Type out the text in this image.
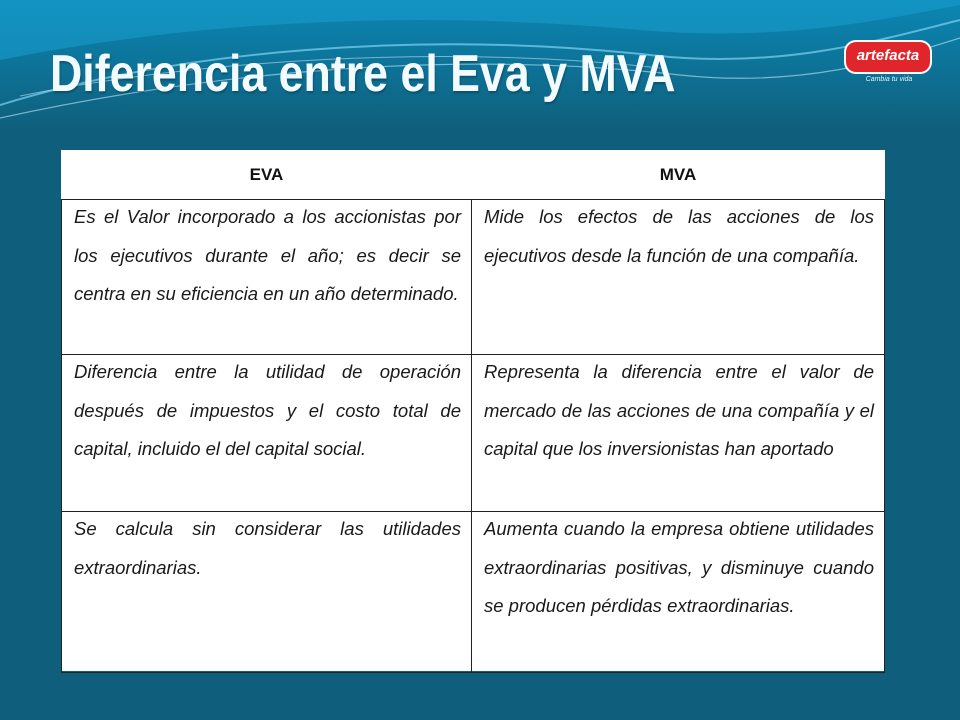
Diferencia entre el Eva y MVA	artefacta
Cambia tu vida
EVA	MVA

Es el Valor incorporado a los accionistas por los ejecutivos durante el año; es decir se centra en su eficiencia en un año determinado.	Mide los efectos de las acciones de los ejecutivos desde la función de una compañía.

Diferencia entre la utilidad de operación después de impuestos y el costo total de capital, incluido el del capital social.	Representa la diferencia entre el valor de mercado de las acciones de una compañía y el capital que los inversionistas han aportado

Se calcula sin considerar las utilidades extraordinarias.	Aumenta cuando la empresa obtiene utilidades extraordinarias positivas, y disminuye cuando se producen pérdidas extraordinarias.
